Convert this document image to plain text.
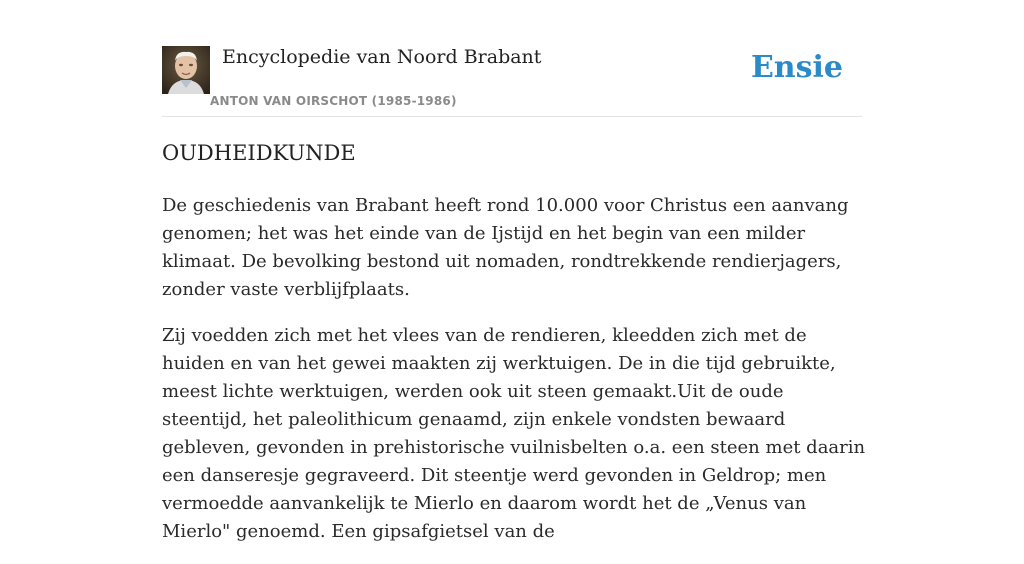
Encyclopedie van Noord Brabant
ANTON VAN OIRSCHOT (1985-1986)
Ensie
OUDHEIDKUNDE

De geschiedenis van Brabant heeft rond 10.000 voor Christus een aanvang genomen; het was het einde van de Ijstijd en het begin van een milder klimaat. De bevolking bestond uit nomaden, rondtrekkende rendierjagers, zonder vaste verblijfplaats.

Zij voedden zich met het vlees van de rendieren, kleedden zich met de huiden en van het gewei maakten zij werktuigen. De in die tijd gebruikte, meest lichte werktuigen, werden ook uit steen gemaakt.Uit de oude steentijd, het paleolithicum genaamd, zijn enkele vondsten bewaard gebleven, gevonden in prehistorische vuilnisbelten o.a. een steen met daarin een danseresje gegraveerd. Dit steentje werd gevonden in Geldrop; men vermoedde aanvankelijk te Mierlo en daarom wordt het de „Venus van Mierlo" genoemd. Een gipsafgietsel van de
